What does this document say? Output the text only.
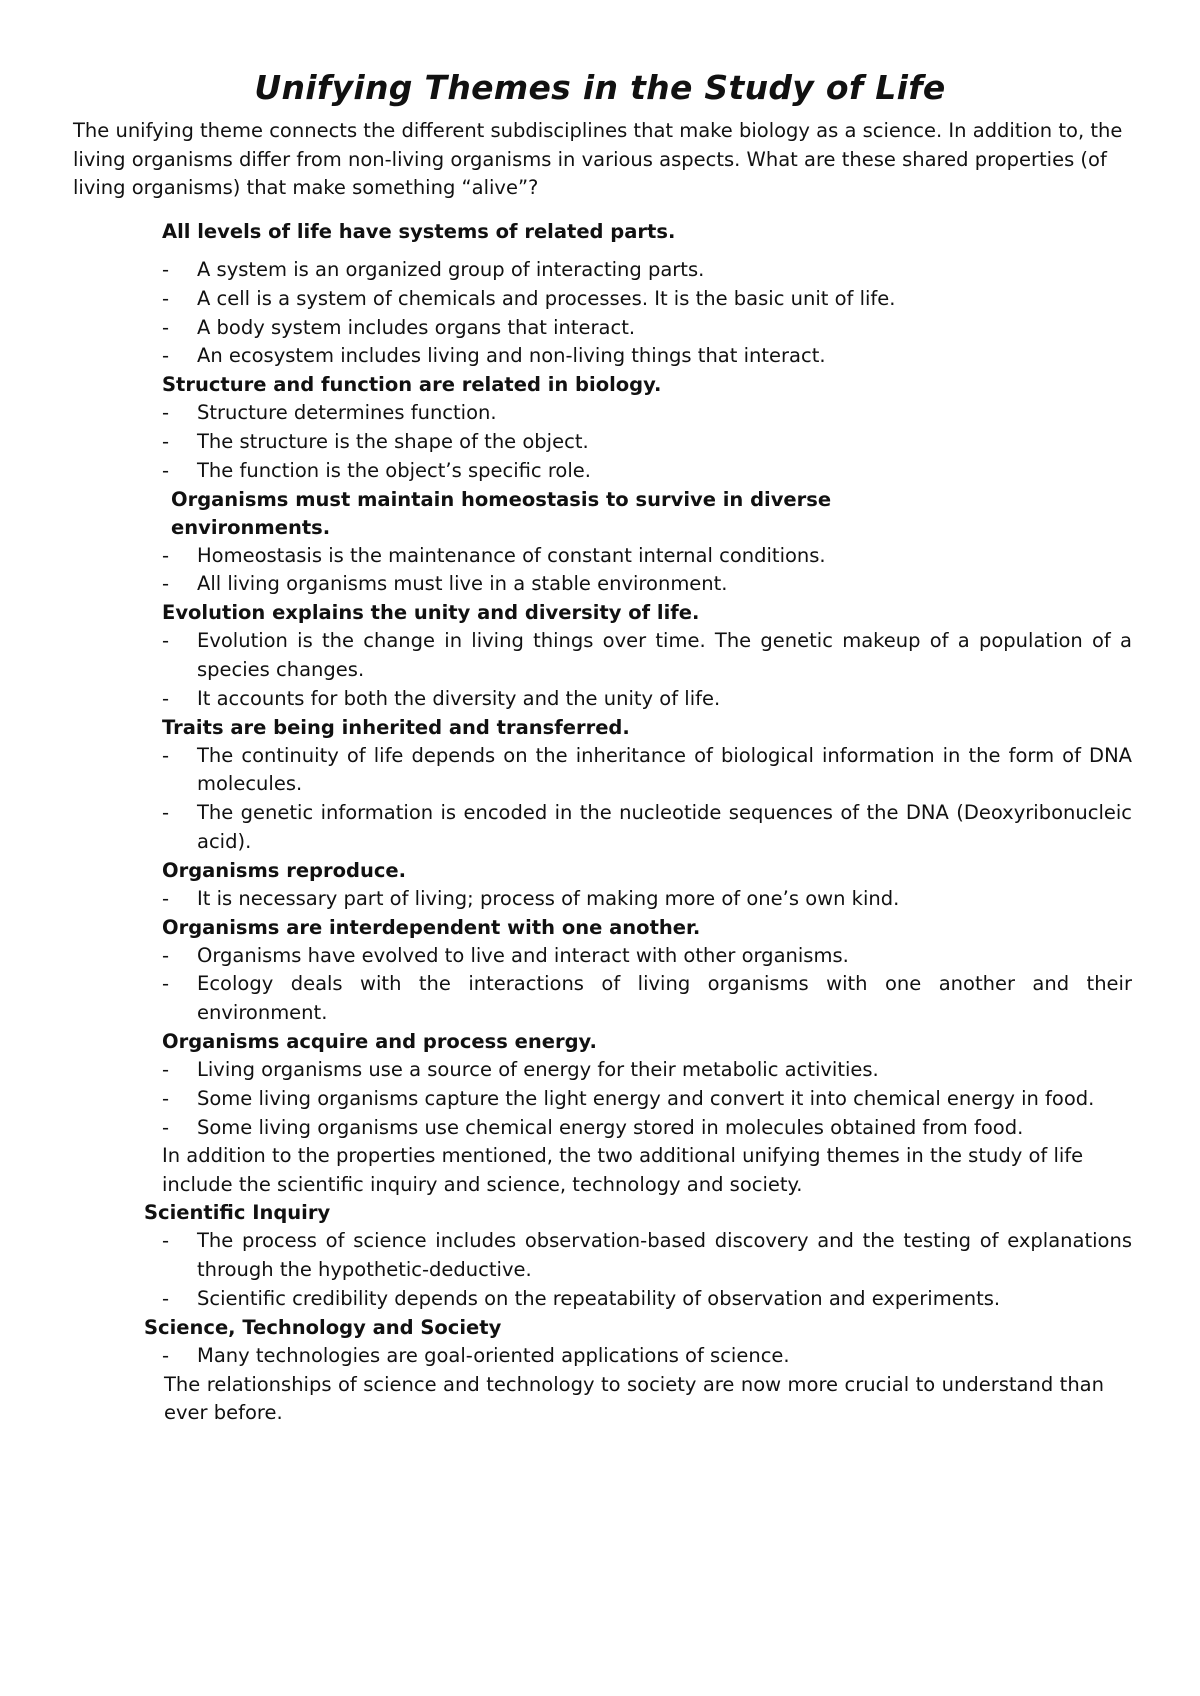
Unifying Themes in the Study of Life

The unifying theme connects the different subdisciplines that make biology as a science. In addition to, the living organisms differ from non-living organisms in various aspects. What are these shared properties (of living organisms) that make something “alive”?

All levels of life have systems of related parts.

- A system is an organized group of interacting parts.
- A cell is a system of chemicals and processes. It is the basic unit of life.
- A body system includes organs that interact.
- An ecosystem includes living and non-living things that interact.

Structure and function are related in biology.

- Structure determines function.
- The structure is the shape of the object.
- The function is the object’s specific role.

Organisms must maintain homeostasis to survive in diverse environments.

- Homeostasis is the maintenance of constant internal conditions.
- All living organisms must live in a stable environment.

Evolution explains the unity and diversity of life.

- Evolution is the change in living things over time. The genetic makeup of a population of a species changes.
- It accounts for both the diversity and the unity of life.

Traits are being inherited and transferred.

- The continuity of life depends on the inheritance of biological information in the form of DNA molecules.
- The genetic information is encoded in the nucleotide sequences of the DNA (Deoxyribonucleic acid).

Organisms reproduce.

- It is necessary part of living; process of making more of one’s own kind.

Organisms are interdependent with one another.

- Organisms have evolved to live and interact with other organisms.
- Ecology deals with the interactions of living organisms with one another and their environment.

Organisms acquire and process energy.

- Living organisms use a source of energy for their metabolic activities.
- Some living organisms capture the light energy and convert it into chemical energy in food.
- Some living organisms use chemical energy stored in molecules obtained from food.

In addition to the properties mentioned, the two additional unifying themes in the study of life include the scientific inquiry and science, technology and society.

Scientific Inquiry

- The process of science includes observation-based discovery and the testing of explanations through the hypothetic-deductive.
- Scientific credibility depends on the repeatability of observation and experiments.

Science, Technology and Society

- Many technologies are goal-oriented applications of science.

The relationships of science and technology to society are now more crucial to understand than ever before.
